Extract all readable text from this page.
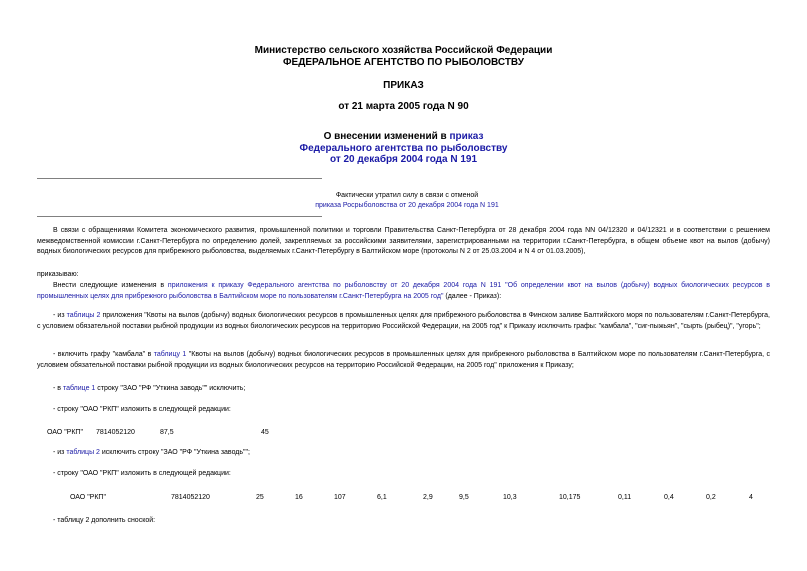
Министерство сельского хозяйства Российской Федерации
ФЕДЕРАЛЬНОЕ АГЕНТСТВО ПО РЫБОЛОВСТВУ
ПРИКАЗ
от 21 марта 2005 года N 90
О внесении изменений в приказ
Федерального агентства по рыболовству
от 20 декабря 2004 года N 191
Фактически утратил силу в связи с отменой
приказа Росрыболовства от 20 декабря 2004 года N 191
В связи с обращениями Комитета экономического развития, промышленной политики и торговли Правительства Санкт-Петербурга от 28 декабря 2004 года NN 04/12320 и 04/12321 и в соответствии с решением межведомственной комиссии г.Санкт-Петербурга по определению долей, закрепляемых за российскими заявителями, зарегистрированными на территории г.Санкт-Петербурга, в общем объеме квот на вылов (добычу) водных биологических ресурсов для прибрежного рыболовства, выделяемых г.Санкт-Петербургу в Балтийском море (протоколы N 2 от 25.03.2004 и N 4 от 01.03.2005),
приказываю:
Внести следующие изменения в приложения к приказу Федерального агентства по рыболовству от 20 декабря 2004 года N 191 "Об определении квот на вылов (добычу) водных биологических ресурсов в промышленных целях для прибрежного рыболовства в Балтийском море по пользователям г.Санкт-Петербурга на 2005 год" (далее - Приказ):
- из таблицы 2 приложения "Квоты на вылов (добычу) водных биологических ресурсов в промышленных целях для прибрежного рыболовства в Финском заливе Балтийского моря по пользователям г.Санкт-Петербурга, с условием обязательной поставки рыбной продукции из водных биологических ресурсов на территорию Российской Федерации, на 2005 год" к Приказу исключить графы: "камбала", "сиг-пыжьян", "сырть (рыбец)", "угорь";
- включить графу "камбала" в таблицу 1 "Квоты на вылов (добычу) водных биологических ресурсов в промышленных целях для прибрежного рыболовства в Балтийском море по пользователям г.Санкт-Петербурга, с условием обязательной поставки рыбной продукции из водных биологических ресурсов на территорию Российской Федерации, на 2005 год" приложения к Приказу;
- в таблице 1 строку "ЗАО "РФ "Уткина заводь"" исключить;
- строку "ОАО "РКП" изложить в следующей редакции:
ОАО "РКП" 7814052120	87,5	45
- из таблицы 2 исключить строку "ЗАО "РФ "Уткина заводь"";
- строку "ОАО "РКП" изложить в следующей редакции:
ОАО "РКП"	7814052120	25	16	107	6,1	2,9	9,5	10,3	10,175	0,11	0,4	0,2	4
- таблицу 2 дополнить сноской:
